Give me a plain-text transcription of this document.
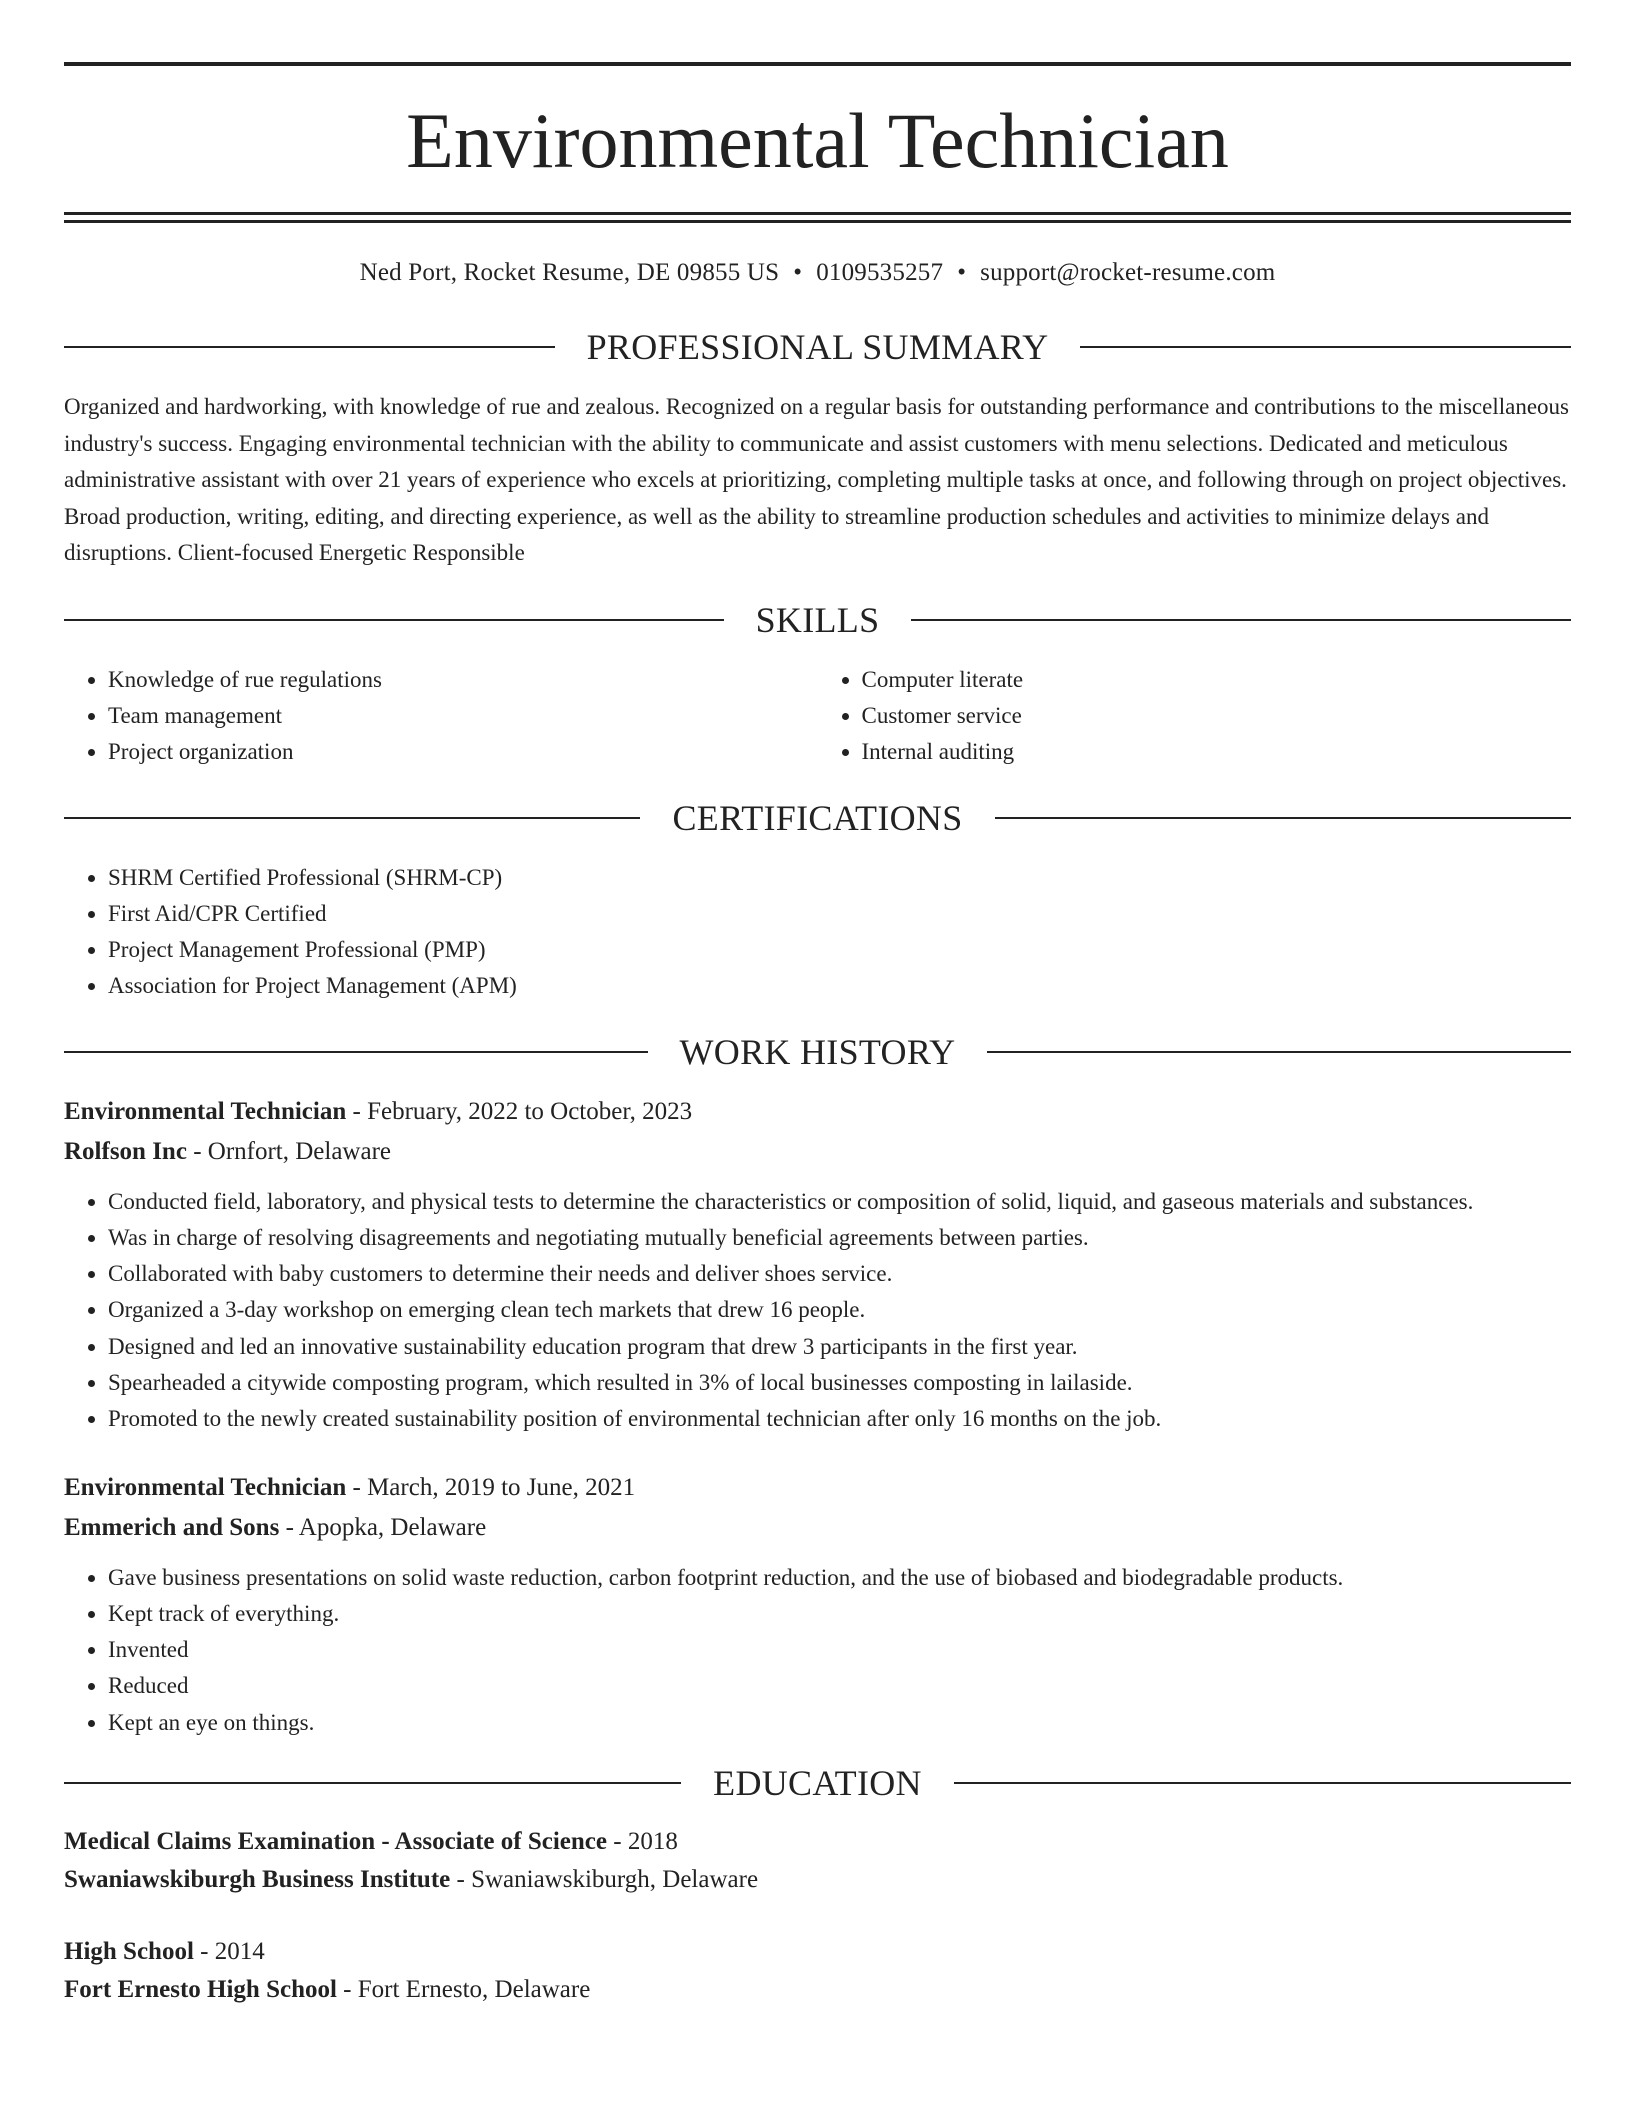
Environmental Technician
Ned Port, Rocket Resume, DE 09855 US • 0109535257 • support@rocket-resume.com
PROFESSIONAL SUMMARY

Organized and hardworking, with knowledge of rue and zealous. Recognized on a regular basis for outstanding performance and contributions to the miscellaneous industry's success. Engaging environmental technician with the ability to communicate and assist customers with menu selections. Dedicated and meticulous administrative assistant with over 21 years of experience who excels at prioritizing, completing multiple tasks at once, and following through on project objectives. Broad production, writing, editing, and directing experience, as well as the ability to streamline production schedules and activities to minimize delays and disruptions. Client-focused Energetic Responsible

SKILLS
• Knowledge of rue regulations
• Team management
• Project organization
• Computer literate
• Customer service
• Internal auditing
CERTIFICATIONS
• SHRM Certified Professional (SHRM-CP)
• First Aid/CPR Certified
• Project Management Professional (PMP)
• Association for Project Management (APM)
WORK HISTORY
Environmental Technician - February, 2022 to October, 2023
Rolfson Inc - Ornfort, Delaware
• Conducted field, laboratory, and physical tests to determine the characteristics or composition of solid, liquid, and gaseous materials and substances.
• Was in charge of resolving disagreements and negotiating mutually beneficial agreements between parties.
• Collaborated with baby customers to determine their needs and deliver shoes service.
• Organized a 3-day workshop on emerging clean tech markets that drew 16 people.
• Designed and led an innovative sustainability education program that drew 3 participants in the first year.
• Spearheaded a citywide composting program, which resulted in 3% of local businesses composting in lailaside.
• Promoted to the newly created sustainability position of environmental technician after only 16 months on the job.
Environmental Technician - March, 2019 to June, 2021
Emmerich and Sons - Apopka, Delaware
• Gave business presentations on solid waste reduction, carbon footprint reduction, and the use of biobased and biodegradable products.
• Kept track of everything.
• Invented
• Reduced
• Kept an eye on things.
EDUCATION
Medical Claims Examination - Associate of Science - 2018
Swaniawskiburgh Business Institute - Swaniawskiburgh, Delaware
High School - 2014
Fort Ernesto High School - Fort Ernesto, Delaware
